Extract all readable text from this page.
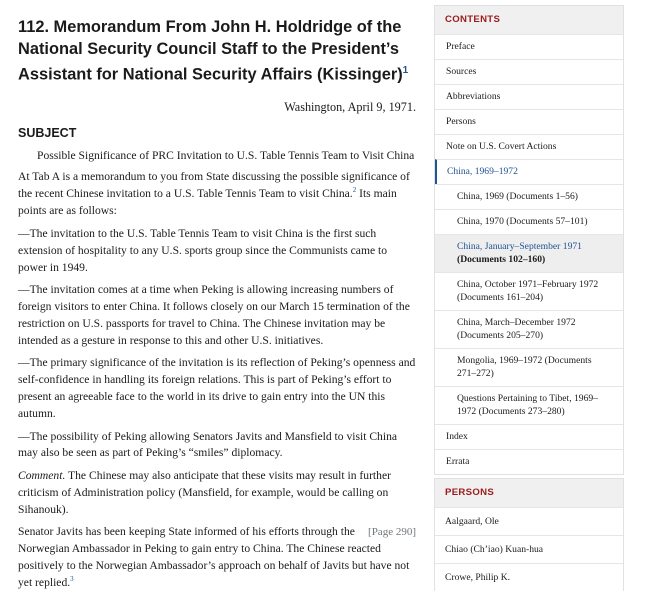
112. Memorandum From John H. Holdridge of the National Security Council Staff to the President’s Assistant for National Security Affairs (Kissinger)$^1$
Washington, April 9, 1971.
SUBJECT
Possible Significance of PRC Invitation to U.S. Table Tennis Team to Visit China

At Tab A is a memorandum to you from State discussing the possible significance of the recent Chinese invitation to a U.S. Table Tennis Team to visit China.$^2$ Its main points are as follows:

—The invitation to the U.S. Table Tennis Team to visit China is the first such extension of hospitality to any U.S. sports group since the Communists came to power in 1949.

—The invitation comes at a time when Peking is allowing increasing numbers of foreign visitors to enter China. It follows closely on our March 15 termination of the restriction on U.S. passports for travel to China. The Chinese invitation may be intended as a gesture in response to this and other U.S. initiatives.

—The primary significance of the invitation is its reflection of Peking’s openness and self-confidence in handling its foreign relations. This is part of Peking’s effort to present an agreeable face to the world in its drive to gain entry into the UN this autumn.

—The possibility of Peking allowing Senators Javits and Mansfield to visit China may also be seen as part of Peking’s “smiles” diplomacy.

Comment. The Chinese may also anticipate that these visits may result in further criticism of Administration policy (Mansfield, for example, would be calling on Sihanouk).

[Page 290]
Senator Javits has been keeping State informed of his efforts through the Norwegian Ambassador in Peking to gain entry to China. The Chinese reacted positively to the Norwegian Ambassador’s approach on behalf of Javits but have not yet replied.$^3$

CONTENTS
Preface
Sources
Abbreviations
Persons
Note on U.S. Covert Actions
China, 1969–1972
China, 1969 (Documents 1–56)
China, 1970 (Documents 57–101)
China, January–September 1971
(Documents 102–160)
China, October 1971–February 1972 (Documents 161–204)
China, March–December 1972 (Documents 205–270)
Mongolia, 1969–1972 (Documents 271–272)
Questions Pertaining to Tibet, 1969–1972 (Documents 273–280)
Index
Errata
PERSONS
Aalgaard, Ole
Chiao (Ch’iao) Kuan-hua
Crowe, Philip K.
